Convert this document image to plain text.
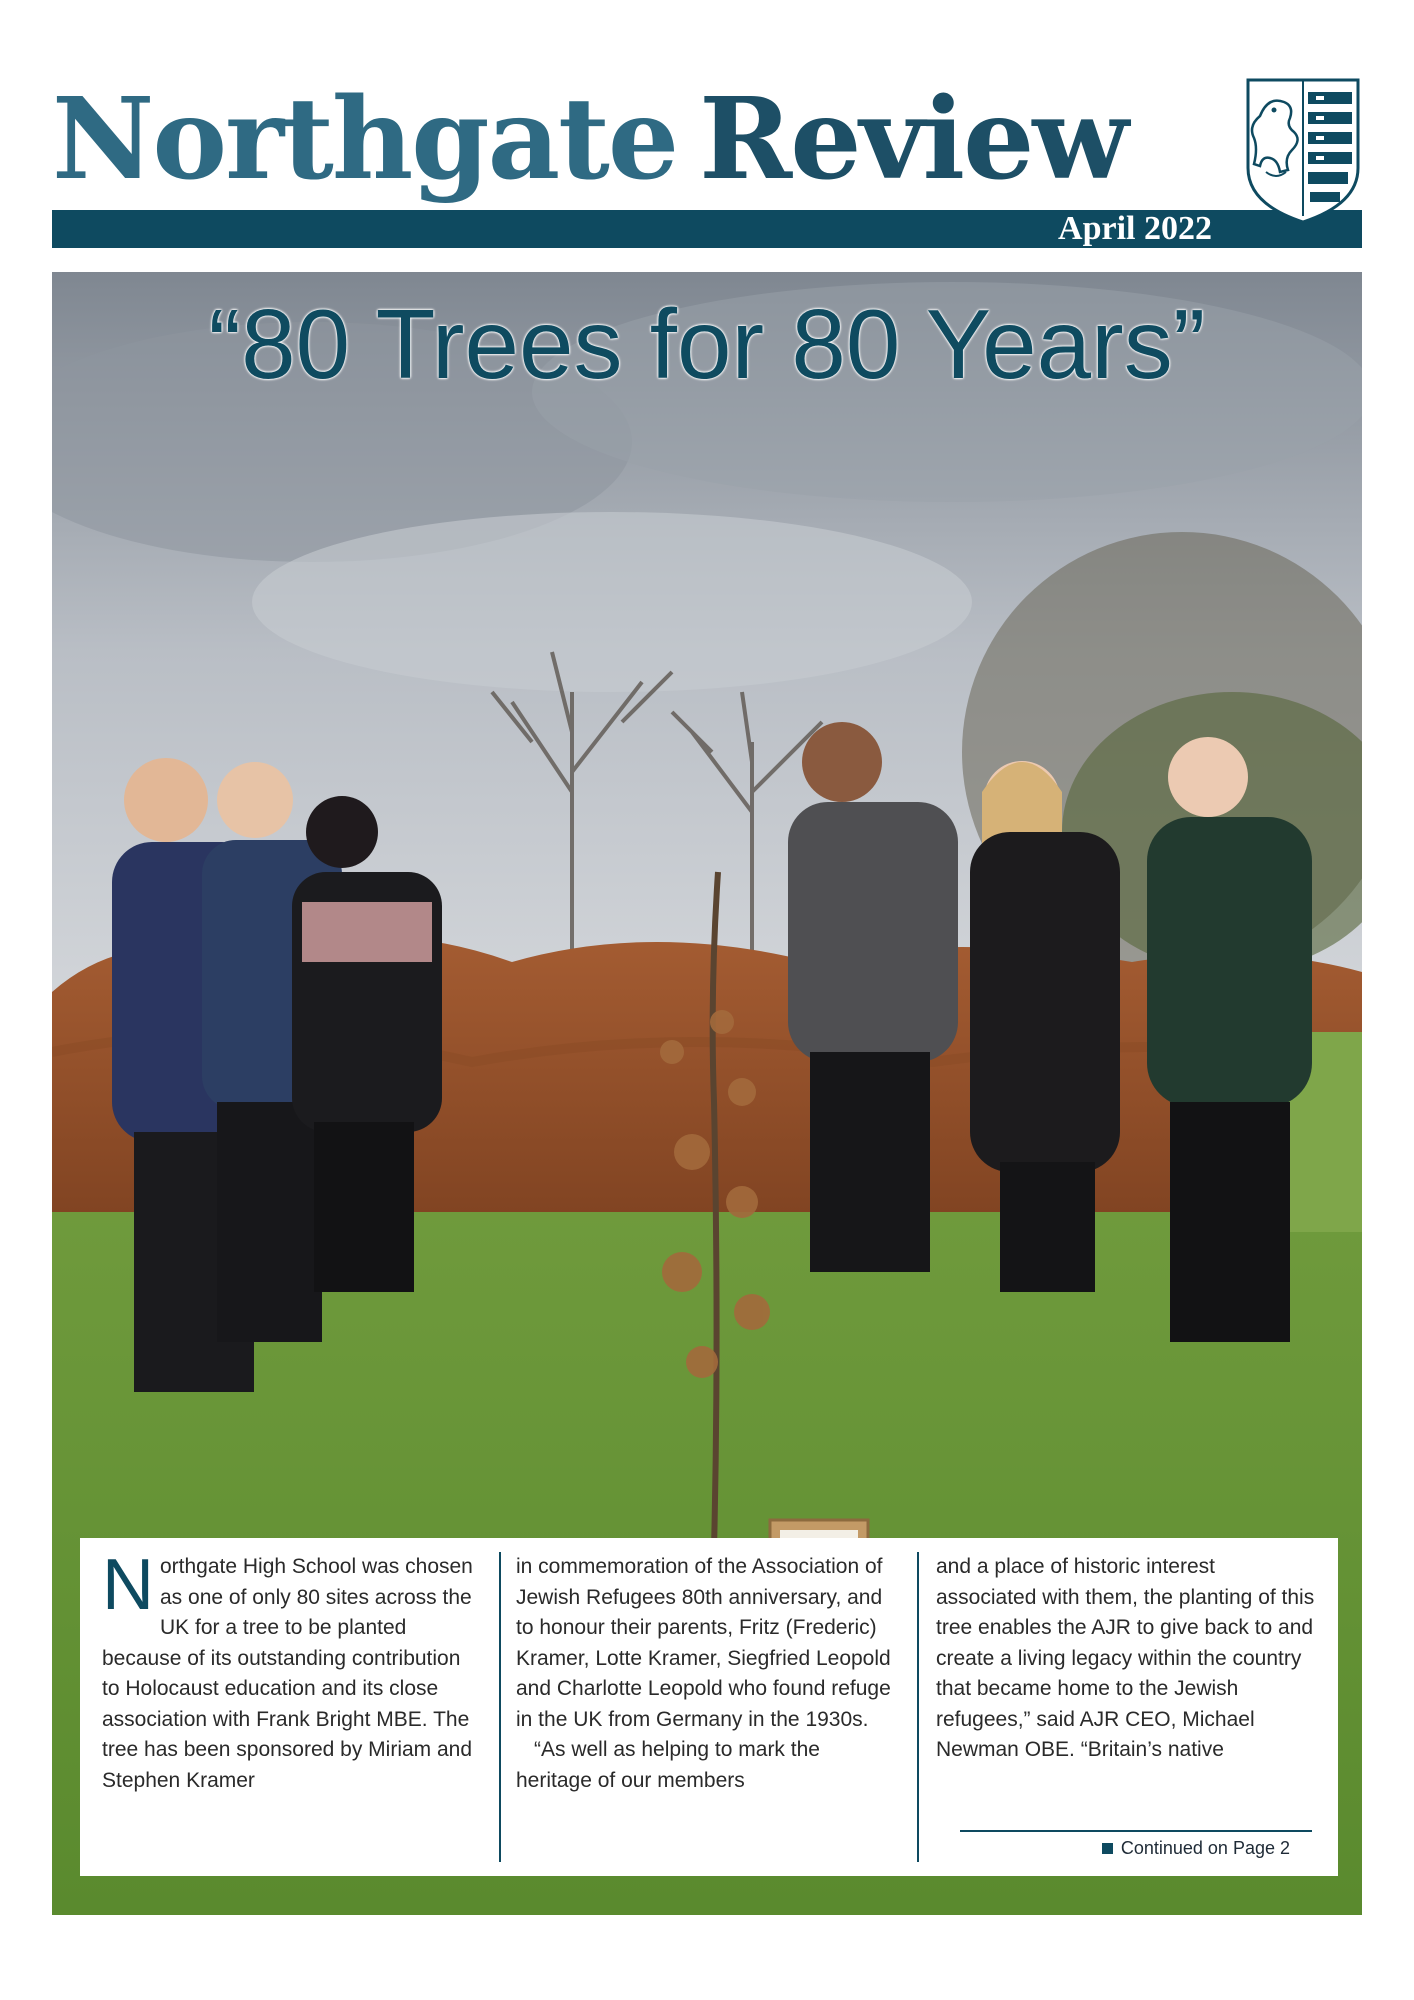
Northgate Review
April 2022
“80 Trees for 80 Years”

Northgate High School was chosen as one of only 80 sites across the UK for a tree to be planted because of its outstanding contribution to Holocaust education and its close association with Frank Bright MBE. The tree has been sponsored by Miriam and Stephen Kramer

in commemoration of the Association of Jewish Refugees 80th anniversary, and to honour their parents, Fritz (Frederic) Kramer, Lotte Kramer, Siegfried Leopold and Charlotte Leopold who found refuge in the UK from Germany in the 1930s.

“As well as helping to mark the heritage of our members

and a place of historic interest associated with them, the planting of this tree enables the AJR to give back to and create a living legacy within the country that became home to the Jewish refugees,” said AJR CEO, Michael Newman OBE. “Britain’s native

Continued on Page 2
